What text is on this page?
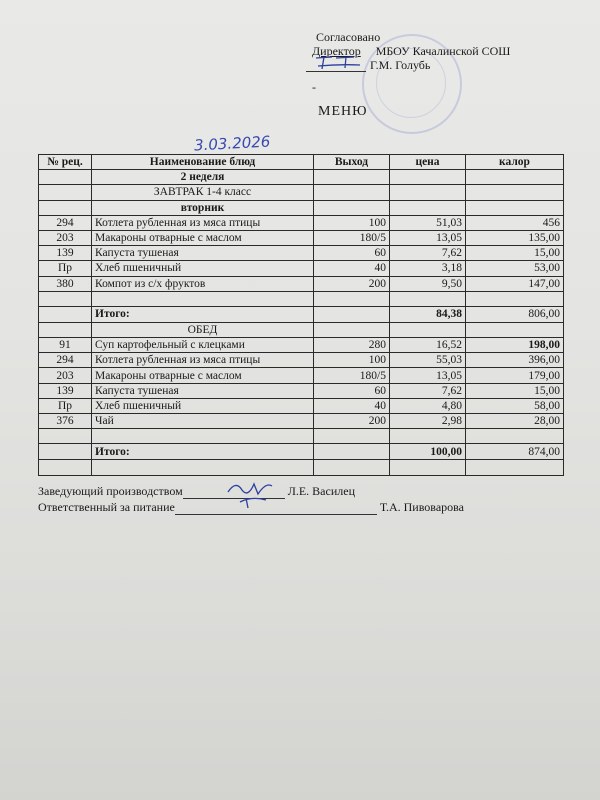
Согласовано
Директор МБОУ Качалинской СОШ
Г.М. Голубь
-
МЕНЮ
3.03.2026
№ рец.	Наименование блюд	Выход	цена	калор
	2 неделя			
	ЗАВТРАК 1-4 класс			
	вторник			
294	Котлета рубленная из мяса птицы	100	51,03	456
203	Макароны отварные с маслом	180/5	13,05	135,00
139	Капуста тушеная	60	7,62	15,00
Пр	Хлеб пшеничный	40	3,18	53,00
380	Компот из с/х фруктов	200	9,50	147,00

	Итого:		84,38	806,00
	ОБЕД			
91	Суп картофельный с клецками	280	16,52	198,00
294	Котлета рубленная из мяса птицы	100	55,03	396,00
203	Макароны отварные с маслом	180/5	13,05	179,00
139	Капуста тушеная	60	7,62	15,00
Пр	Хлеб пшеничный	40	4,80	58,00
376	Чай	200	2,98	28,00

	Итого:		100,00	874,00

Заведующий производством	Л.Е. Василец
Ответственный за питание	Т.А. Пивоварова
